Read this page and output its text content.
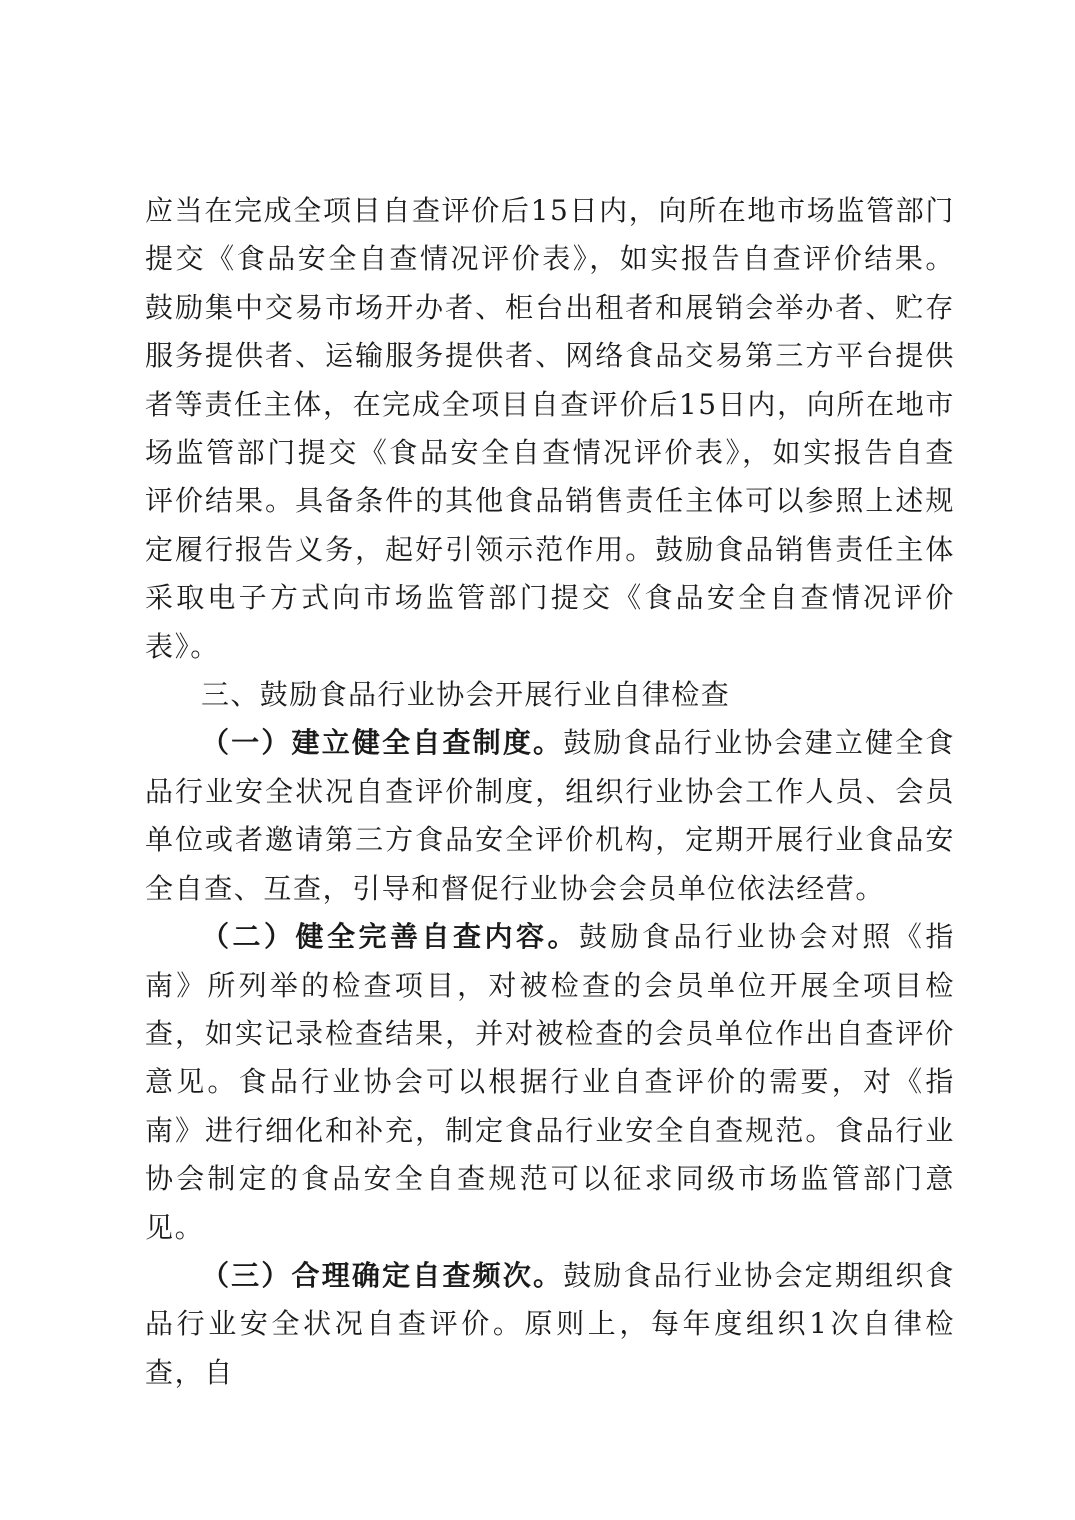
应当在完成全项目自查评价后15日内，向所在地市场监管部门提交《食品安全自查情况评价表》，如实报告自查评价结果。鼓励集中交易市场开办者、柜台出租者和展销会举办者、贮存服务提供者、运输服务提供者、网络食品交易第三方平台提供者等责任主体，在完成全项目自查评价后15日内，向所在地市场监管部门提交《食品安全自查情况评价表》，如实报告自查评价结果。具备条件的其他食品销售责任主体可以参照上述规定履行报告义务，起好引领示范作用。鼓励食品销售责任主体采取电子方式向市场监管部门提交《食品安全自查情况评价表》。

三、鼓励食品行业协会开展行业自律检查

（一）建立健全自查制度。鼓励食品行业协会建立健全食品行业安全状况自查评价制度，组织行业协会工作人员、会员单位或者邀请第三方食品安全评价机构，定期开展行业食品安全自查、互查，引导和督促行业协会会员单位依法经营。

（二）健全完善自查内容。鼓励食品行业协会对照《指南》所列举的检查项目，对被检查的会员单位开展全项目检查，如实记录检查结果，并对被检查的会员单位作出自查评价意见。食品行业协会可以根据行业自查评价的需要，对《指南》进行细化和补充，制定食品行业安全自查规范。食品行业协会制定的食品安全自查规范可以征求同级市场监管部门意见。

（三）合理确定自查频次。鼓励食品行业协会定期组织食品行业安全状况自查评价。原则上，每年度组织1次自律检查，自
